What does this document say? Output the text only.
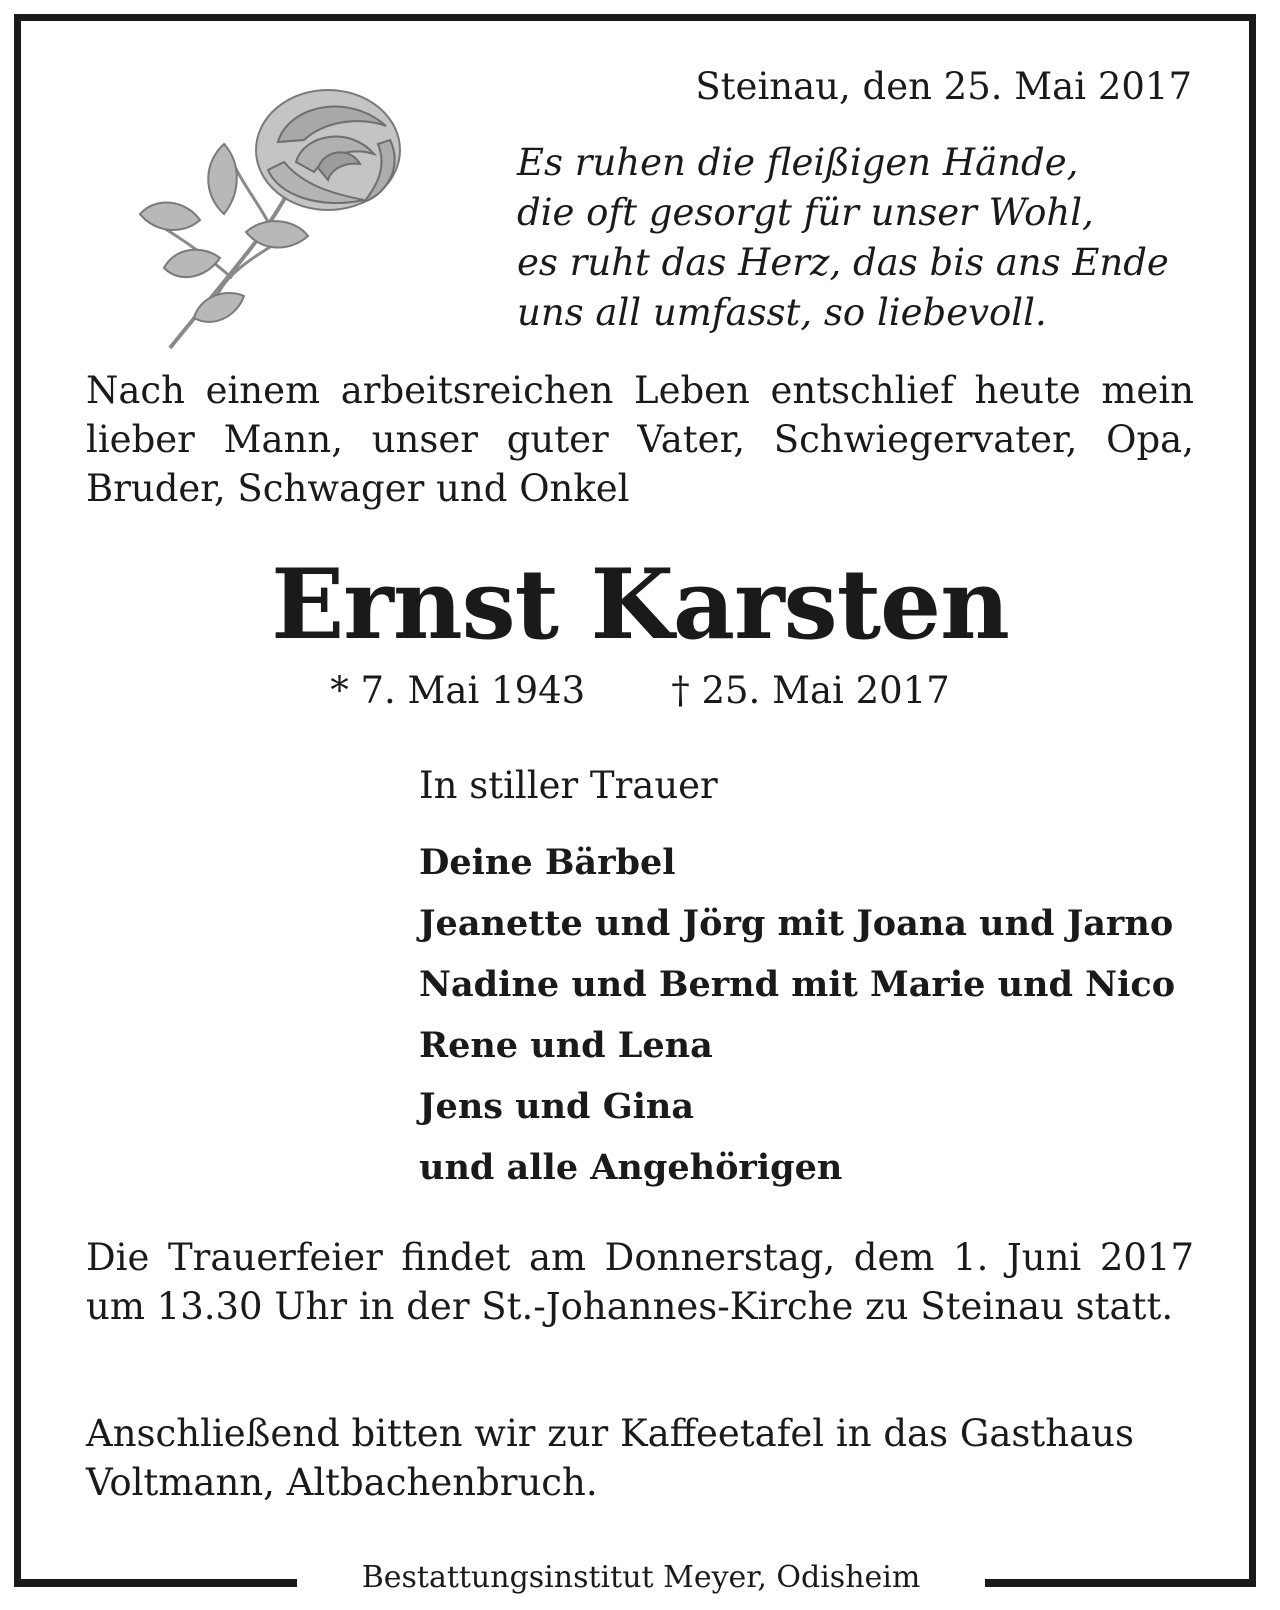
Steinau, den 25. Mai 2017
Es ruhen die fleißigen Hände,
die oft gesorgt für unser Wohl,
es ruht das Herz, das bis ans Ende
uns all umfasst, so liebevoll.
Nach einem arbeitsreichen Leben entschlief heute mein lieber Mann, unser guter Vater, Schwiegervater, Opa, Bruder, Schwager und Onkel
Ernst Karsten
* 7. Mai 1943 † 25. Mai 2017
In stiller Trauer
Deine Bärbel
Jeanette und Jörg mit Joana und Jarno
Nadine und Bernd mit Marie und Nico
Rene und Lena
Jens und Gina
und alle Angehörigen
Die Trauerfeier findet am Donnerstag, dem 1. Juni 2017 um 13.30 Uhr in der St.-Johannes-Kirche zu Steinau statt.
Anschließend bitten wir zur Kaffeetafel in das Gasthaus Voltmann, Altbachenbruch.
Bestattungsinstitut Meyer, Odisheim
